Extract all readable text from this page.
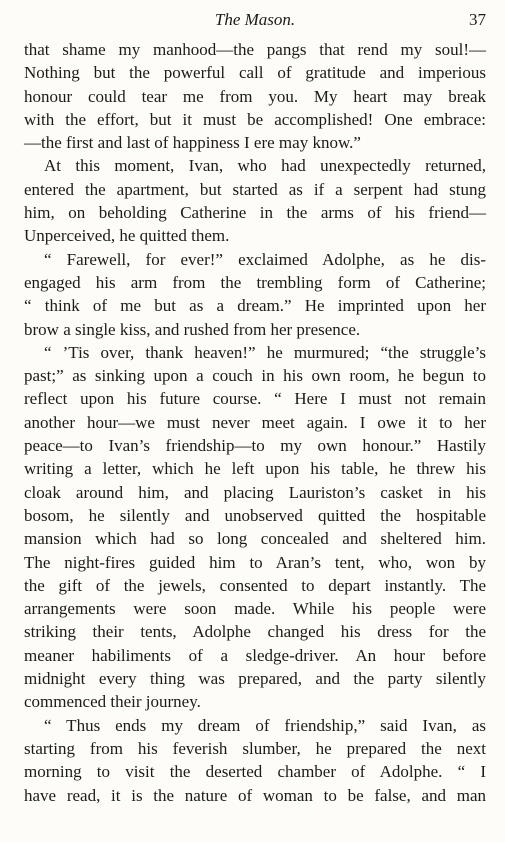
The Mason.	37
that shame my manhood—the pangs that rend my soul!—
Nothing but the powerful call of gratitude and imperious
honour could tear me from you. My heart may break
with the effort, but it must be accomplished! One embrace:
—the first and last of happiness I ere may know.”
At this moment, Ivan, who had unexpectedly returned,
entered the apartment, but started as if a serpent had stung
him, on beholding Catherine in the arms of his friend—
Unperceived, he quitted them.
“ Farewell, for ever!” exclaimed Adolphe, as he dis-
engaged his arm from the trembling form of Catherine;
“ think of me but as a dream.” He imprinted upon her
brow a single kiss, and rushed from her presence.
“ ’Tis over, thank heaven!” he murmured; “the struggle’s
past;” as sinking upon a couch in his own room, he begun to
reflect upon his future course. “ Here I must not remain
another hour—we must never meet again. I owe it to her
peace—to Ivan’s friendship—to my own honour.” Hastily
writing a letter, which he left upon his table, he threw his
cloak around him, and placing Lauriston’s casket in his
bosom, he silently and unobserved quitted the hospitable
mansion which had so long concealed and sheltered him.
The night-fires guided him to Aran’s tent, who, won by
the gift of the jewels, consented to depart instantly. The
arrangements were soon made. While his people were
striking their tents, Adolphe changed his dress for the
meaner habiliments of a sledge-driver. An hour before
midnight every thing was prepared, and the party silently
commenced their journey.
“ Thus ends my dream of friendship,” said Ivan, as
starting from his feverish slumber, he prepared the next
morning to visit the deserted chamber of Adolphe. “ I
have read, it is the nature of woman to be false, and man
